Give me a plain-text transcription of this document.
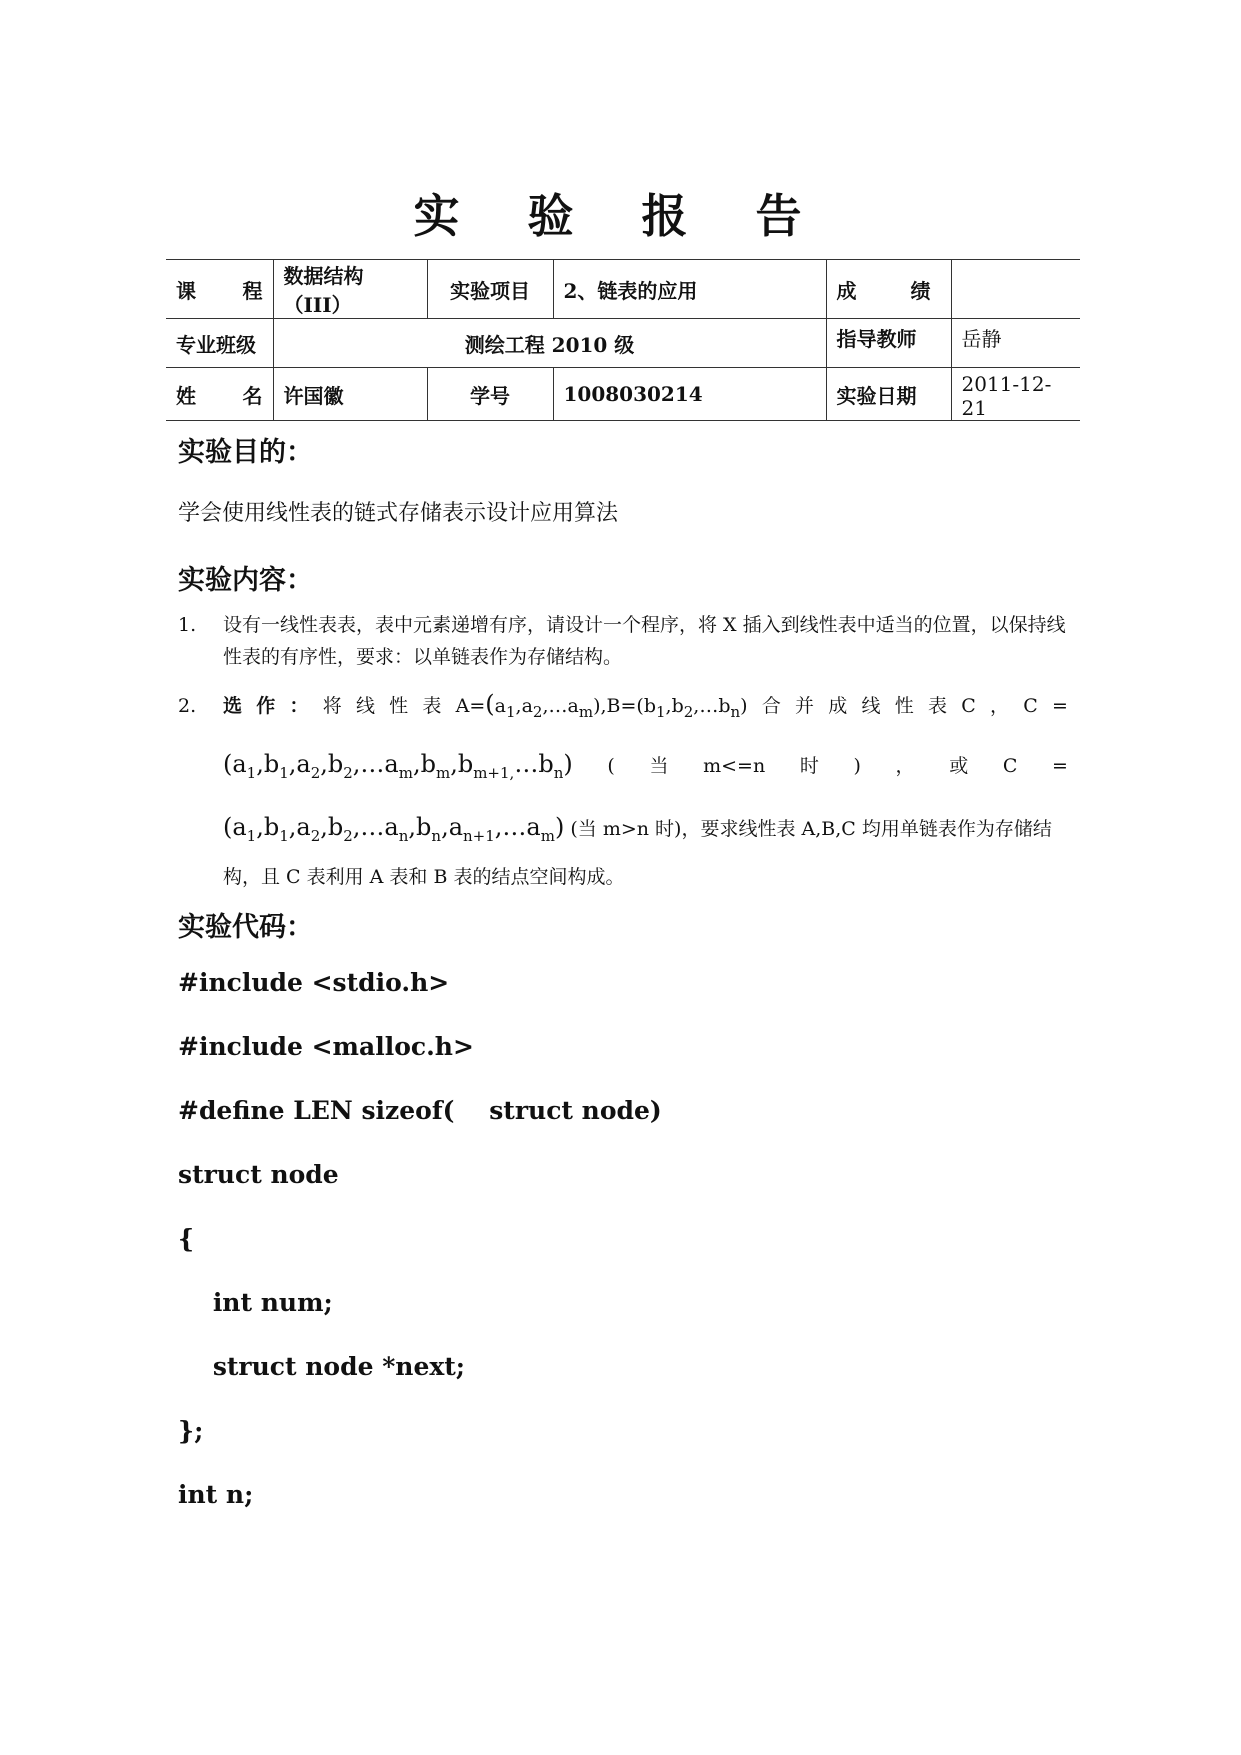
实 验 报 告
课 程	数据结构（III）	实验项目	2、链表的应用	成 绩	

专业班级	测绘工程 2010 级			指导教师	岳静

姓 名	许国徽	学号	1008030214	实验日期	2011-12-21
实验目的：
学会使用线性表的链式存储表示设计应用算法
实验内容：
1. 设有一线性表表，表中元素递增有序，请设计一个程序，将 X 插入到线性表中适当的位置，以保持线性表的有序性，要求：以单链表作为存储结构。
2. 选 作 ： 将 线 性 表 $A=(a_1,a_2,\dots a_m),B=(b_1,b_2,\dots b_n)$ 合 并 成 线 性 表 C ， C =
$(a_1,b_1,a_2,b_2,\dots a_m,b_m,b_{m+1,}\dots b_n)$ ( 当 m<=n 时 ) ， 或 C =
$(a_1,b_1,a_2,b_2,\dots a_n,b_n,a_{n+1},\dots a_m)$ (当 m>n 时)，要求线性表 A,B,C 均用单链表作为存储结
构，且 C 表利用 A 表和 B 表的结点空间构成。
实验代码：
#include <stdio.h>
#include <malloc.h>
#define LEN sizeof(    struct node)
struct node
{
int num;
struct node *next;
};
int n;
